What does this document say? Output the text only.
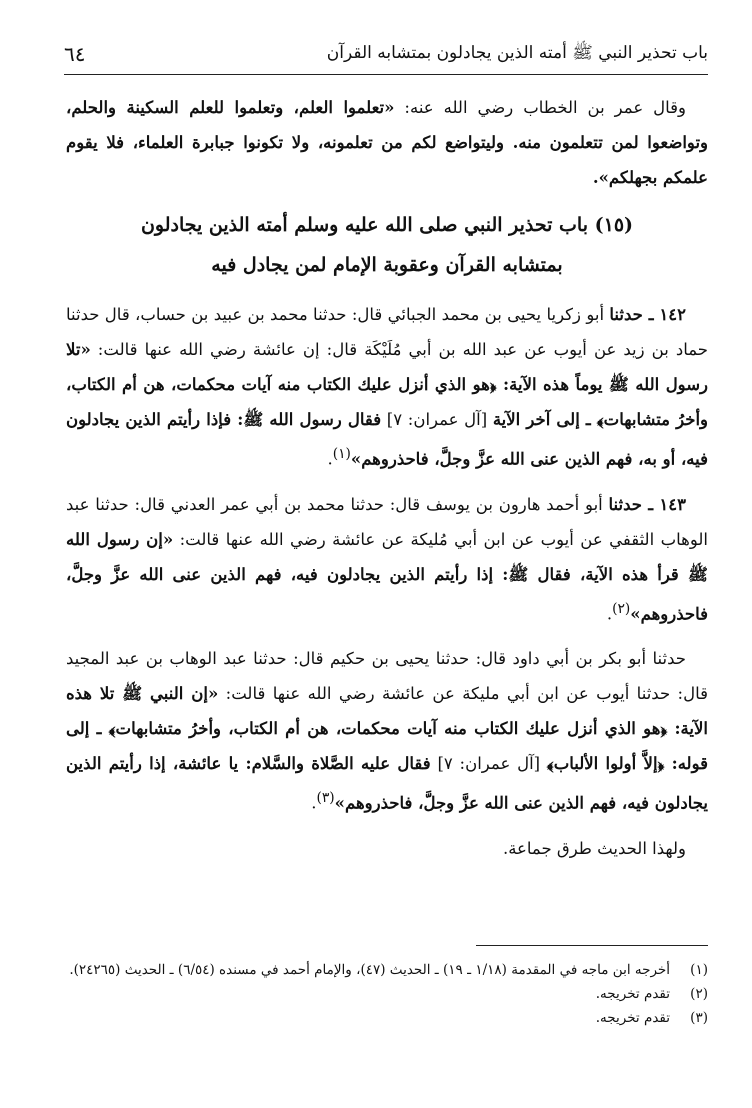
باب تحذير النبي ﷺ أمته الذين يجادلون بمتشابه القرآن
٦٤

وقال عمر بن الخطاب رضي الله عنه: «تعلموا العلم، وتعلموا للعلم السكينة والحلم، وتواضعوا لمن تتعلمون منه. وليتواضع لكم من تعلمونه، ولا تكونوا جبابرة العلماء، فلا يقوم علمكم بجهلكم».

(١٥) باب تحذير النبي صلى الله عليه وسلم أمته الذين يجادلون
بمتشابه القرآن وعقوبة الإمام لمن يجادل فيه

١٤٢ ـ حدثنا أبو زكريا يحيى بن محمد الجبائي قال: حدثنا محمد بن عبيد بن حساب، قال حدثنا حماد بن زيد عن أيوب عن عبد الله بن أبي مُلَيْكَة قال: إن عائشة رضي الله عنها قالت: «تلا رسول الله ﷺ يوماً هذه الآية: ﴿هو الذي أنزل عليك الكتاب منه آيات محكمات، هن أم الكتاب، وأخرُ متشابهات﴾ ـ إلى آخر الآية [آل عمران: ٧] فقال رسول الله ﷺ: فإذا رأيتم الذين يجادلون فيه، أو به، فهم الذين عنى الله عزَّ وجلَّ، فاحذروهم»$^{(١)}$.

١٤٣ ـ حدثنا أبو أحمد هارون بن يوسف قال: حدثنا محمد بن أبي عمر العدني قال: حدثنا عبد الوهاب الثقفي عن أيوب عن ابن أبي مُليكة عن عائشة رضي الله عنها قالت: «إن رسول الله ﷺ قرأ هذه الآية، فقال ﷺ: إذا رأيتم الذين يجادلون فيه، فهم الذين عنى الله عزَّ وجلَّ، فاحذروهم»$^{(٢)}$.

حدثنا أبو بكر بن أبي داود قال: حدثنا يحيى بن حكيم قال: حدثنا عبد الوهاب بن عبد المجيد قال: حدثنا أيوب عن ابن أبي مليكة عن عائشة رضي الله عنها قالت: «إن النبي ﷺ تلا هذه الآية: ﴿هو الذي أنزل عليك الكتاب منه آيات محكمات، هن أم الكتاب، وأخرُ متشابهات﴾ ـ إلى قوله: ﴿إلاَّ أولوا الألباب﴾ [آل عمران: ٧] فقال عليه الصَّلاة والسَّلام: يا عائشة، إذا رأيتم الذين يجادلون فيه، فهم الذين عنى الله عزَّ وجلَّ، فاحذروهم»$^{(٣)}$.

ولهذا الحديث طرق جماعة.

(١)
أخرجه ابن ماجه في المقدمة (١/١٨ ـ ١٩) ـ الحديث (٤٧)، والإمام أحمد في مسنده (٦/٥٤) ـ الحديث (٢٤٢٦٥).
(٢)
تقدم تخريجه.
(٣)
تقدم تخريجه.
